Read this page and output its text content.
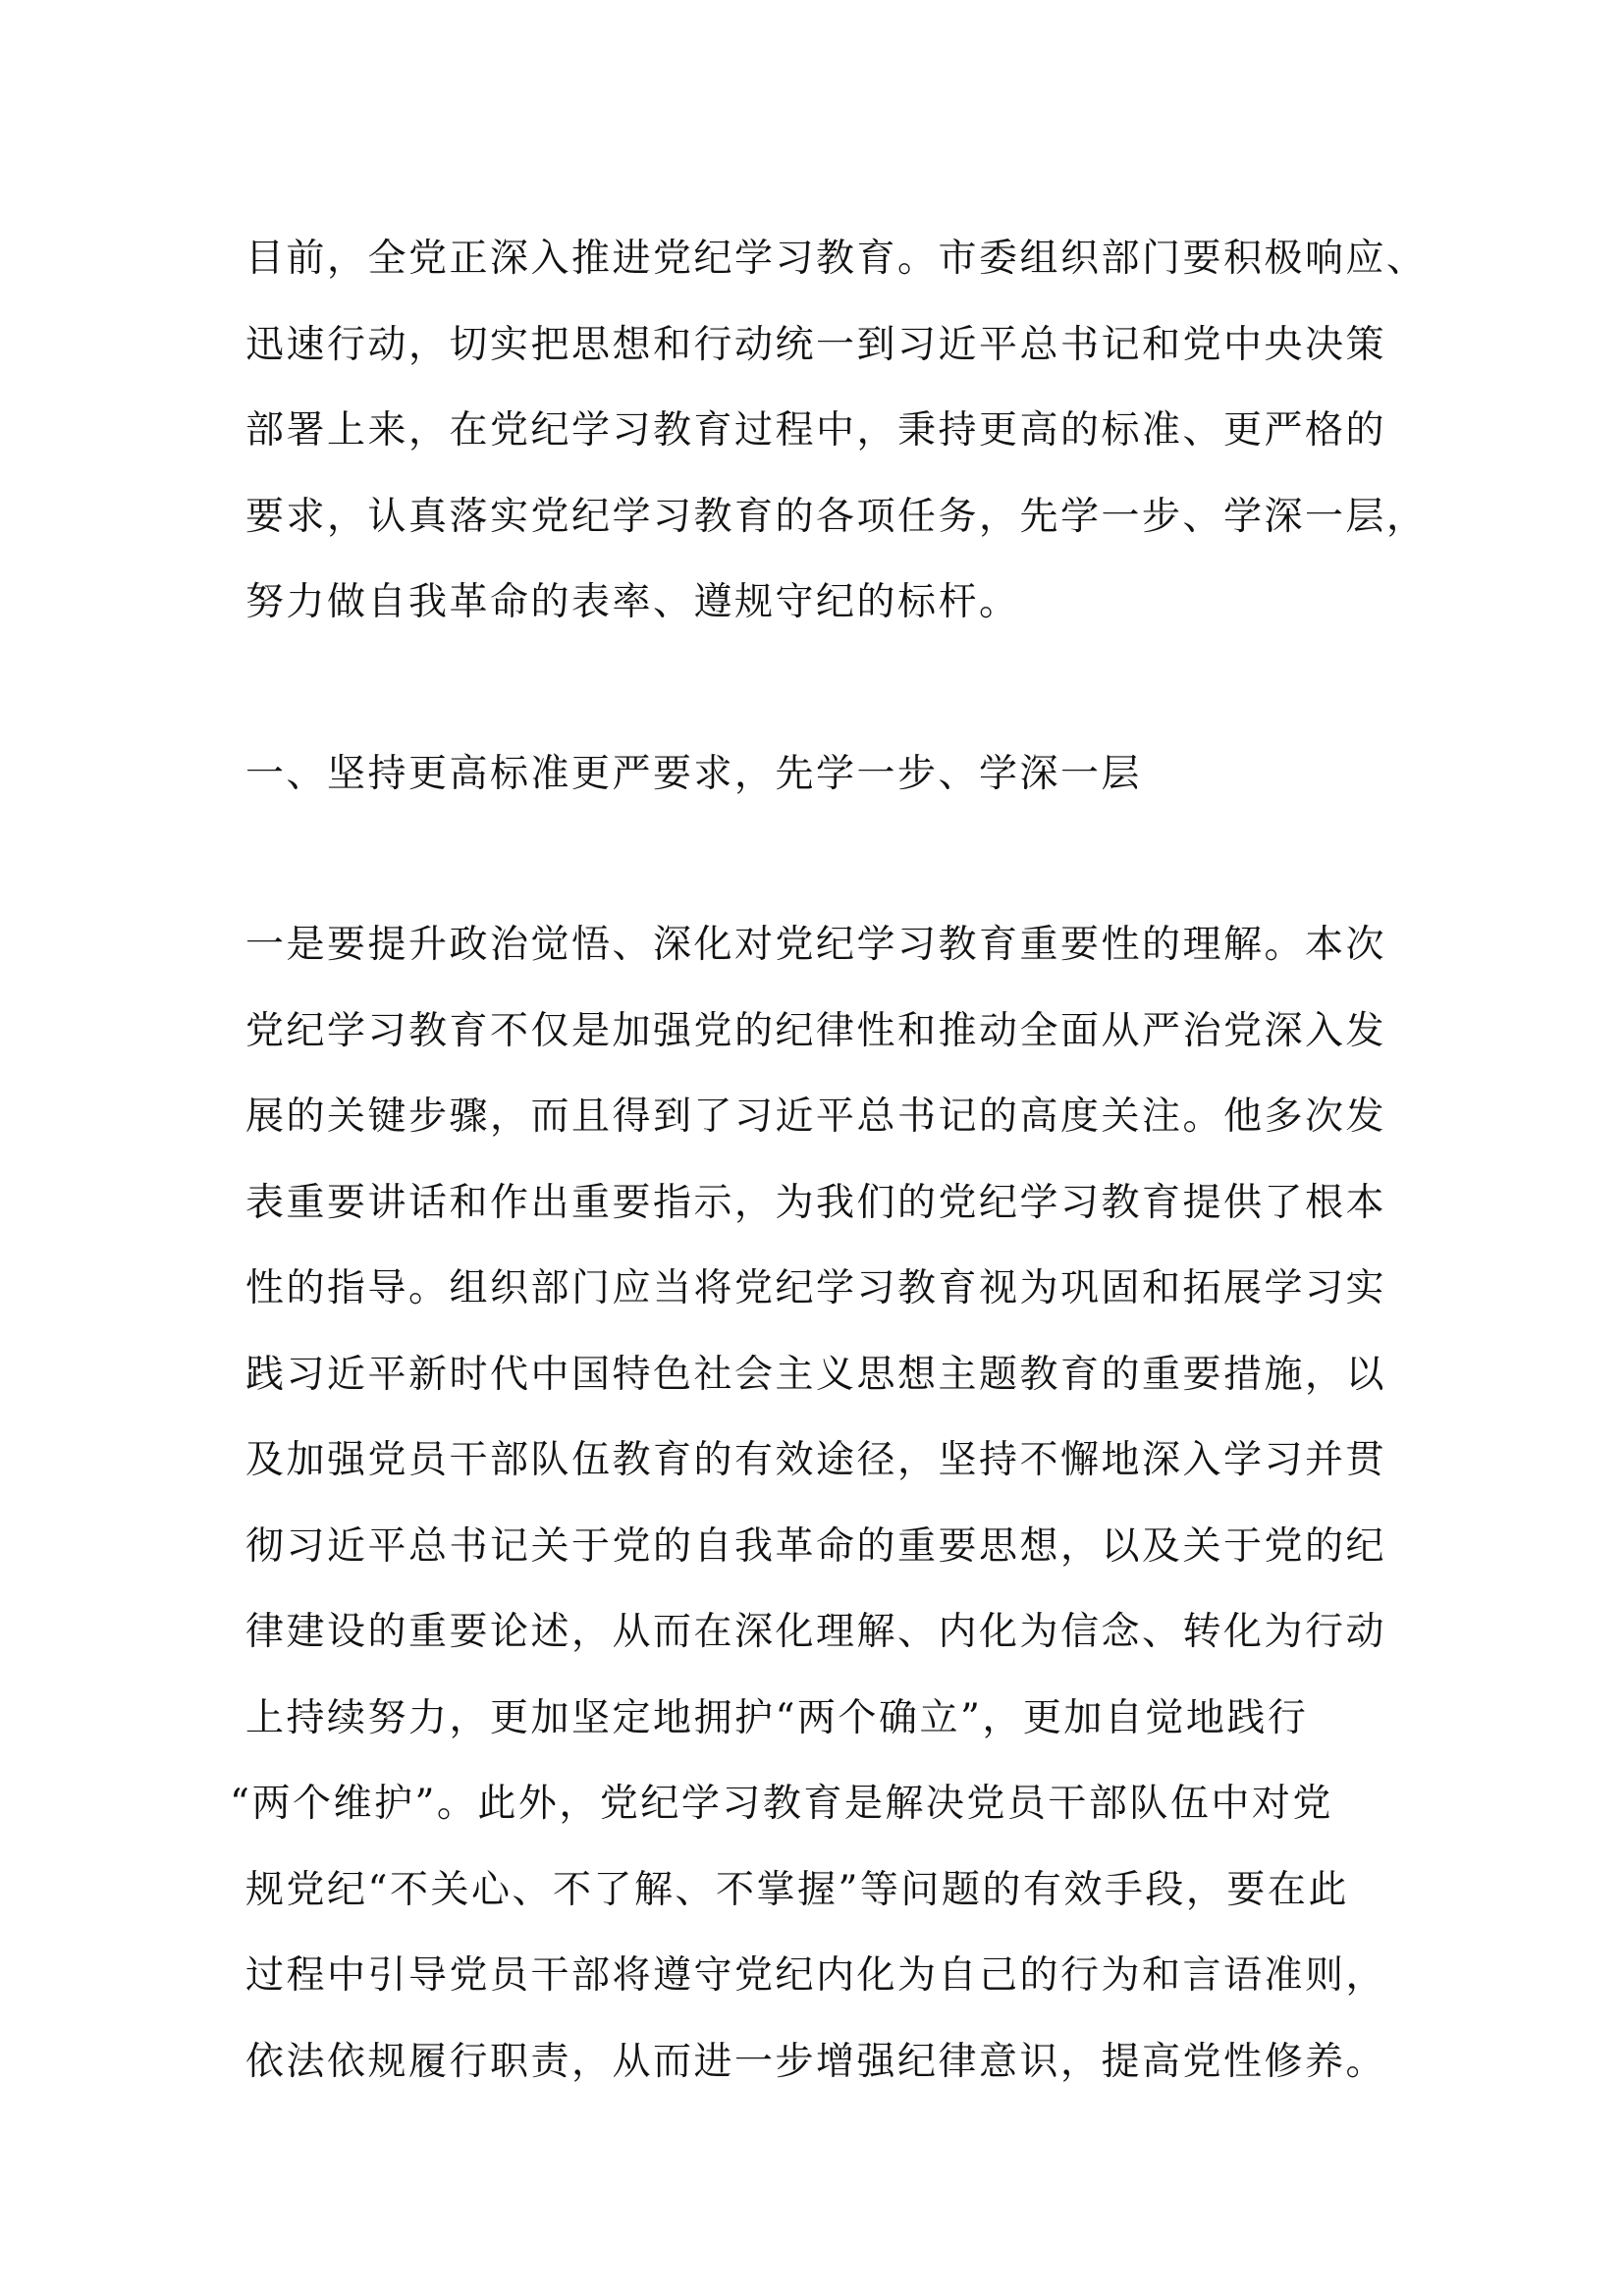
目前，全党正深入推进党纪学习教育。市委组织部门要积极响应、
迅速行动，切实把思想和行动统一到习近平总书记和党中央决策
部署上来，在党纪学习教育过程中，秉持更高的标准、更严格的
要求，认真落实党纪学习教育的各项任务，先学一步、学深一层，
努力做自我革命的表率、遵规守纪的标杆。

一、坚持更高标准更严要求，先学一步、学深一层

一是要提升政治觉悟、深化对党纪学习教育重要性的理解。本次
党纪学习教育不仅是加强党的纪律性和推动全面从严治党深入发
展的关键步骤，而且得到了习近平总书记的高度关注。他多次发
表重要讲话和作出重要指示，为我们的党纪学习教育提供了根本
性的指导。组织部门应当将党纪学习教育视为巩固和拓展学习实
践习近平新时代中国特色社会主义思想主题教育的重要措施，以
及加强党员干部队伍教育的有效途径，坚持不懈地深入学习并贯
彻习近平总书记关于党的自我革命的重要思想，以及关于党的纪
律建设的重要论述，从而在深化理解、内化为信念、转化为行动
上持续努力，更加坚定地拥护“两个确立”，更加自觉地践行
“两个维护”。此外，党纪学习教育是解决党员干部队伍中对党
规党纪“不关心、不了解、不掌握”等问题的有效手段，要在此
过程中引导党员干部将遵守党纪内化为自己的行为和言语准则，
依法依规履行职责，从而进一步增强纪律意识，提高党性修养。
